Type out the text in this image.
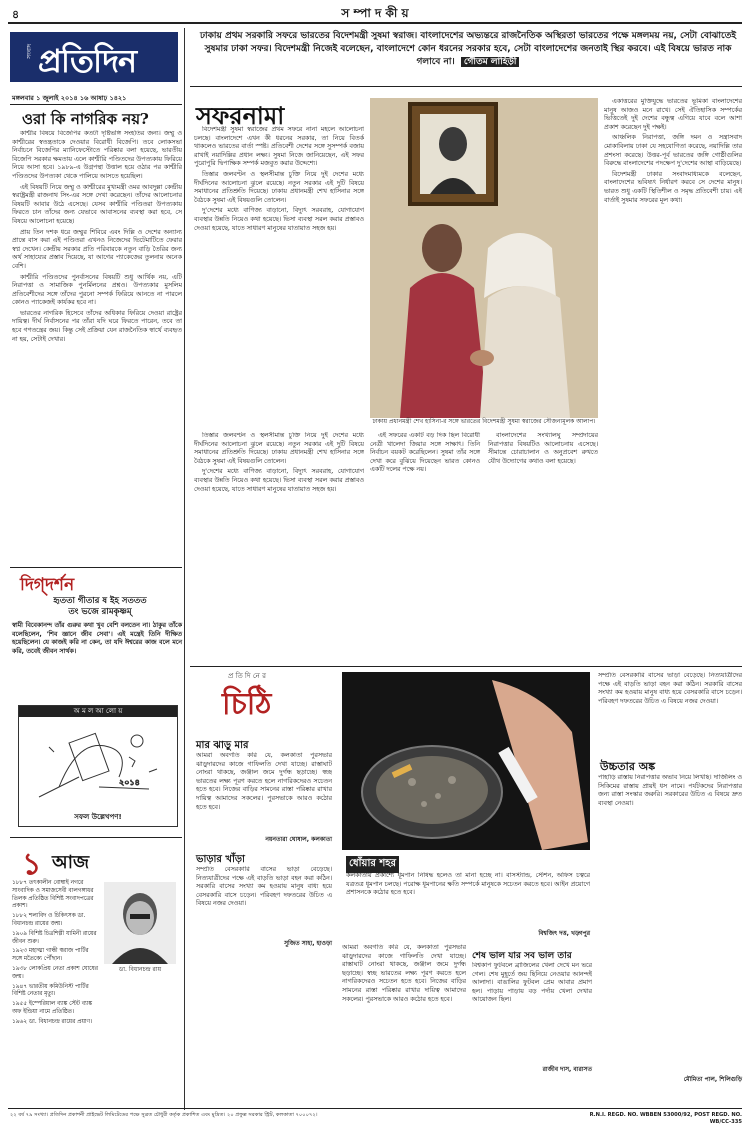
৪	স ম্পা দ কী য়
সংবাদ প্রতিদিন
মঙ্গলবার ১ জুলাই ২০১৪ ১৬ আষাঢ় ১৪২১
ওরা কি নাগরিক নয়?

কাশ্মীর বিষয়ে বিজেপির কতটা দৃষ্টিভঙ্গি সংহতির জন্য। জম্মু ও কাশ্মীরের স্বতন্ত্রতাকে দেওয়ার বিরোধী বিজেপি। তবে লোকসভা নির্বাচনে বিজেপির ম্যানিফেস্টোতে পরিষ্কার বলা হয়েছে, ভারতীয় বিজেপি সরকার ক্ষমতায় এলে কাশ্মীরি পণ্ডিতদের উপত্যকায় ফিরিয়ে নিয়ে আসা হবে। ১৯৮৯-এ উগ্রপন্থা উত্তাল হয়ে ওঠার পর কাশ্মীরি পণ্ডিতদের উপত্যকা থেকে পালিয়ে আসতে হয়েছিল।

এই বিষয়টি নিয়ে জম্মু ও কাশ্মীরের মুখ্যমন্ত্রী ওমর আবদুল্লা কেন্দ্রীয় স্বরাষ্ট্রমন্ত্রী রাজনাথ সিং-এর সঙ্গে দেখা করেছেন। তাঁদের আলোচনার বিষয়টি আবার উঠে এসেছে। যেসব কাশ্মীরি পণ্ডিতরা উপত্যকায় ফিরতে চান তাঁদের জন্য যেভাবে আবাসনের ব্যবস্থা করা হবে, সে বিষয়ে আলোচনা হয়েছে।

প্রায় তিন দশক ধরে জম্মুর শিবিরে এবং দিল্লি ও দেশের অন্যান্য প্রান্তে বাস করা এই পণ্ডিতরা এখনও নিজেদের ভিটেমাটিতে ফেরার স্বপ্ন দেখেন। কেন্দ্রীয় সরকার প্রতি পরিবারকে নতুন বাড়ি তৈরির জন্য অর্থ সাহায্যের প্রস্তাব দিয়েছে, যা আগের প্যাকেজের তুলনায় অনেক বেশি।

কাশ্মীরি পণ্ডিতদের পুনর্বাসনের বিষয়টি শুধু আর্থিক নয়, এটি নিরাপত্তা ও সামাজিক পুনর্মিলনের প্রশ্নও। উপত্যকার মুসলিম প্রতিবেশীদের সঙ্গে তাঁদের পুরনো সম্পর্ক ফিরিয়ে আনতে না পারলে কোনও প্যাকেজই কার্যকর হবে না।

ভারতের নাগরিক হিসেবে তাঁদের অধিকার ফিরিয়ে দেওয়া রাষ্ট্রের দায়িত্ব। দীর্ঘ নির্বাসনের পর তাঁরা যদি ঘরে ফিরতে পারেন, তবে তা হবে গণতন্ত্রের জয়। কিন্তু সেই প্রক্রিয়া যেন রাজনৈতিক স্বার্থে ব্যবহৃত না হয়, সেটাই দেখার।

দিগ্‌দর্শন
হৃততা গীতার ষ ইহ সততত
তং ভজে রামকৃষ্ণম্‌
স্বামী বিবেকানন্দ তাঁর গুরুর কথা খুব বেশি বলতেন না। ঠাকুর তাঁকে বলেছিলেন, 'শিব জ্ঞানে জীব সেবা'। এই মন্ত্রেই তিনি দীক্ষিত হয়েছিলেন। যে কাজই করি না কেন, তা যদি ঈশ্বরের কাজ বলে মনে করি, তবেই জীবন সার্থক।
অ ম ল আ লো য়
২০১৪
সফল উল্লেখপণ!
১ আজ
১৮৮৭ তৎকালীন বোম্বাই নগরে সাংবাদিক ও সমাজসেবী বালগঙ্গাধর তিলক প্রতিষ্ঠিত বিশিষ্ট সংবাদপত্রের প্রকাশ।
১৮৮২ শল্যবিদ ও চিকিৎসক ডা. বিধানচন্দ্র রায়ের জন্ম।
১৯০৯ বিশিষ্ট চিত্রশিল্পী যামিনী রায়ের জীবন শুরু।
১৯২৩ মহাত্মা গান্ধী স্বরাজ পার্টির সঙ্গে মতৈক্যে পৌঁছান।
১৯৩৮ লোকপ্রিয় নেতা প্রকাশ ঘোষের জন্ম।
১৯৪৭ ভারতীয় কমিউনিস্ট পার্টির বিশিষ্ট নেতার মৃত্যু।
১৯৫৫ ইম্পেরিয়াল ব্যাঙ্ক স্টেট ব্যাঙ্ক অফ ইন্ডিয়া নামে প্রতিষ্ঠিত।
১৯৬২ ডা. বিধানচন্দ্র রায়ের প্রয়াণ।
ডা. বিধানচন্দ্র রায়
ঢাকায় প্রথম সরকারি সফরে ভারতের বিদেশমন্ত্রী সুষমা স্বরাজ। বাংলাদেশের অভ্যন্তরে রাজনৈতিক অস্থিরতা ভারতের পক্ষে মঙ্গলময় নয়, সেটা বোঝাতেই সুষমার ঢাকা সফর। বিদেশমন্ত্রী নিজেই বলেছেন, বাংলাদেশে কোন ধরনের সরকার হবে, সেটা বাংলাদেশের জনতাই স্থির করবে। এই বিষয়ে ভারত নাক গলাবে না। গৌতম লাহিড়ী
সফরনামা

বিদেশমন্ত্রী সুষমা স্বরাজের প্রথম সফরে নানা মহলে আলোচনা চলছে। বাংলাদেশে এখন কী ধরনের সরকার, তা নিয়ে বিতর্ক থাকলেও ভারতের বার্তা স্পষ্ট। প্রতিবেশী দেশের সঙ্গে সুসম্পর্ক বজায় রাখাই নয়াদিল্লির প্রধান লক্ষ্য। সুষমা নিজে জানিয়েছেন, এই সফর পুরোপুরি দ্বিপাক্ষিক সম্পর্ক মজবুত করার উদ্দেশ্যে।

তিস্তার জলবণ্টন ও স্থলসীমান্ত চুক্তি নিয়ে দুই দেশের মধ্যে দীর্ঘদিনের আলোচনা ঝুলে রয়েছে। নতুন সরকার এই দুটি বিষয়ে সমাধানের প্রতিশ্রুতি দিয়েছে। ঢাকায় প্রধানমন্ত্রী শেখ হাসিনার সঙ্গে বৈঠকে সুষমা এই বিষয়গুলি তোলেন।

দু'দেশের মধ্যে বাণিজ্য বাড়ানো, বিদ্যুৎ সরবরাহ, যোগাযোগ ব্যবস্থার উন্নতি নিয়েও কথা হয়েছে। ভিসা ব্যবস্থা সরল করার প্রস্তাবও দেওয়া হয়েছে, যাতে সাধারণ মানুষের যাতায়াত সহজ হয়।

ঢাকায় প্রধানমন্ত্রী শেখ হাসিনা-র সঙ্গে ভারতের বিদেশমন্ত্রী সুষমা স্বরাজের সৌজন্যমূলক আলাপ।

একাত্তরের মুক্তিযুদ্ধে ভারতের ভূমিকা বাংলাদেশের মানুষ আজও মনে রাখে। সেই ঐতিহাসিক সম্পর্কের ভিত্তিতেই দুই দেশের বন্ধুত্ব এগিয়ে যাবে বলে আশা প্রকাশ করেছেন দুই পক্ষই।

আঞ্চলিক নিরাপত্তা, জঙ্গি দমন ও সন্ত্রাসবাদ মোকাবিলায় ঢাকা যে সহযোগিতা করেছে, নয়াদিল্লি তার প্রশংসা করেছে। উত্তর-পূর্ব ভারতের জঙ্গি গোষ্ঠীগুলির বিরুদ্ধে বাংলাদেশের পদক্ষেপ দু'দেশের আস্থা বাড়িয়েছে।

বিদেশমন্ত্রী ঢাকার সংবাদমাধ্যমকে বলেছেন, বাংলাদেশের ভবিষ্যৎ নির্ধারণ করবে সে দেশের মানুষ। ভারত শুধু একটি স্থিতিশীল ও সমৃদ্ধ প্রতিবেশী চায়। এই বার্তাই সুষমার সফরের মূল কথা।

তিস্তার জলবণ্টন ও স্থলসীমান্ত চুক্তি নিয়ে দুই দেশের মধ্যে দীর্ঘদিনের আলোচনা ঝুলে রয়েছে। নতুন সরকার এই দুটি বিষয়ে সমাধানের প্রতিশ্রুতি দিয়েছে। ঢাকায় প্রধানমন্ত্রী শেখ হাসিনার সঙ্গে বৈঠকে সুষমা এই বিষয়গুলি তোলেন।

দু'দেশের মধ্যে বাণিজ্য বাড়ানো, বিদ্যুৎ সরবরাহ, যোগাযোগ ব্যবস্থার উন্নতি নিয়েও কথা হয়েছে। ভিসা ব্যবস্থা সরল করার প্রস্তাবও দেওয়া হয়েছে, যাতে সাধারণ মানুষের যাতায়াত সহজ হয়।

এই সফরের একটি বড় দিক ছিল বিরোধী নেত্রী খালেদা জিয়ার সঙ্গে সাক্ষাৎ। তিনি নির্বাচন বয়কট করেছিলেন। সুষমা তাঁর সঙ্গে দেখা করে বুঝিয়ে দিয়েছেন ভারত কোনও একটি দলের পক্ষে নয়।

বাংলাদেশের সংখ্যালঘু সম্প্রদায়ের নিরাপত্তার বিষয়টিও আলোচনায় এসেছে। সীমান্তে চোরাচালান ও অনুপ্রবেশ রুখতে যৌথ উদ্যোগের কথাও বলা হয়েছে।

প্র তি দি নে র
চিঠি
মার ঝাড়ু মার
আমরা অবগতি করি যে, কলকাতা পুরসভার ঝাড়ুদারদের কাজে গাফিলতি দেখা যাচ্ছে। রাস্তাঘাট নোংরা থাকছে, জঞ্জাল জমে দুর্গন্ধ ছড়াচ্ছে। স্বচ্ছ ভারতের লক্ষ্য পূরণ করতে হলে নাগরিকদেরও সচেতন হতে হবে। নিজের বাড়ির সামনের রাস্তা পরিষ্কার রাখার দায়িত্ব আমাদের সকলের। পুরসভাকে আরও কঠোর হতে হবে।
নয়নতারা ঘোষাল, কলকাতা
ভাড়ার খাঁড়া
সম্প্রতি বেসরকারি বাসের ভাড়া বেড়েছে। নিত্যযাত্রীদের পক্ষে এই বাড়তি ভাড়া বহন করা কঠিন। সরকারি বাসের সংখ্যা কম হওয়ায় মানুষ বাধ্য হয়ে বেসরকারি বাসে চড়েন। পরিবহণ দফতরের উচিত এ বিষয়ে নজর দেওয়া।
সুজিত সাহা, হাওড়া
ধোঁয়ার শহর
কলকাতায় প্রকাশ্যে ধূমপান নিষিদ্ধ হলেও তা মানা হচ্ছে না। বাসস্ট্যান্ড, স্টেশন, অফিস চত্বরে যত্রতত্র ধূমপান চলছে। পরোক্ষ ধূমপানের ক্ষতি সম্পর্কে মানুষকে সচেতন করতে হবে। আইন প্রয়োগে প্রশাসনকে কঠোর হতে হবে।
বিশ্বজিৎ দত্ত, খড়্গপুর
আমরা অবগতি করি যে, কলকাতা পুরসভার ঝাড়ুদারদের কাজে গাফিলতি দেখা যাচ্ছে। রাস্তাঘাট নোংরা থাকছে, জঞ্জাল জমে দুর্গন্ধ ছড়াচ্ছে। স্বচ্ছ ভারতের লক্ষ্য পূরণ করতে হলে নাগরিকদেরও সচেতন হতে হবে। নিজের বাড়ির সামনের রাস্তা পরিষ্কার রাখার দায়িত্ব আমাদের সকলের। পুরসভাকে আরও কঠোর হতে হবে।
শেষ ভাল যার সব ভাল তার
বিশ্বকাপ ফুটবলে ব্রাজিলের খেলা দেখে মন ভরে গেল। শেষ মুহূর্তে জয় ছিনিয়ে নেওয়ার আনন্দই আলাদা। বাঙালির ফুটবল প্রেম আবার প্রমাণ হল। পাড়ায় পাড়ায় বড় পর্দায় খেলা দেখার আয়োজন ছিল।
রাজীব দাস, বারাসত
সম্প্রতি বেসরকারি বাসের ভাড়া বেড়েছে। নিত্যযাত্রীদের পক্ষে এই বাড়তি ভাড়া বহন করা কঠিন। সরকারি বাসের সংখ্যা কম হওয়ায় মানুষ বাধ্য হয়ে বেসরকারি বাসে চড়েন। পরিবহণ দফতরের উচিত এ বিষয়ে নজর দেওয়া।
উচ্চতার অঙ্ক
পাহাড়ি রাস্তায় নিরাপত্তার অভাব নিয়ে লিখছি। দার্জিলিং ও সিকিমের রাস্তায় প্রায়ই ধস নামে। পর্যটকদের নিরাপত্তার জন্য রাস্তা সংস্কার জরুরি। সরকারের উচিত এ বিষয়ে দ্রুত ব্যবস্থা নেওয়া।
মৌমিতা পাল, শিলিগুড়ি
২২ বর্ষ ৭৯ সংখ্যা। প্রতিদিন প্রকাশনী প্রাইভেট লিমিটেডের পক্ষে সুব্রত চৌধুরী কর্তৃক প্রকাশিত এবং মুদ্রিত। ২০ প্রফুল্ল সরকার স্ট্রিট, কলকাতা ৭০০০৭২।	R.N.I. REGD. NO. WBBEN 53000/92, POST REGD. NO. WB/CC-335
